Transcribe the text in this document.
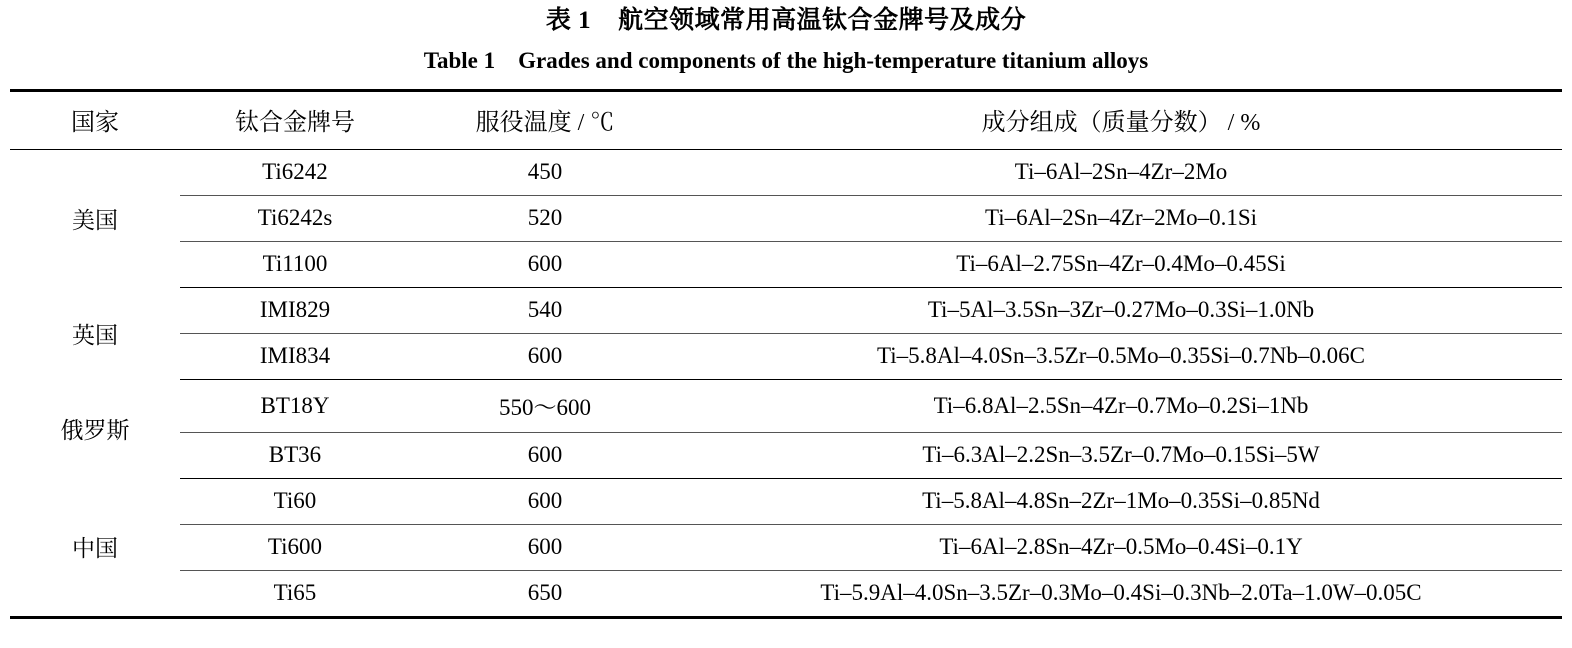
表 1    航空领域常用高温钛合金牌号及成分
Table 1    Grades and components of the high-temperature titanium alloys
国家	钛合金牌号	服役温度 / ℃	成分组成（质量分数） / %
美国	Ti6242	450	Ti–6Al–2Sn–4Zr–2Mo
	Ti6242s	520	Ti–6Al–2Sn–4Zr–2Mo–0.1Si
	Ti1100	600	Ti–6Al–2.75Sn–4Zr–0.4Mo–0.45Si
英国	IMI829	540	Ti–5Al–3.5Sn–3Zr–0.27Mo–0.3Si–1.0Nb
	IMI834	600	Ti–5.8Al–4.0Sn–3.5Zr–0.5Mo–0.35Si–0.7Nb–0.06C
俄罗斯	BT18Y	550～600	Ti–6.8Al–2.5Sn–4Zr–0.7Mo–0.2Si–1Nb
	BT36	600	Ti–6.3Al–2.2Sn–3.5Zr–0.7Mo–0.15Si–5W
中国	Ti60	600	Ti–5.8Al–4.8Sn–2Zr–1Mo–0.35Si–0.85Nd
	Ti600	600	Ti–6Al–2.8Sn–4Zr–0.5Mo–0.4Si–0.1Y
	Ti65	650	Ti–5.9Al–4.0Sn–3.5Zr–0.3Mo–0.4Si–0.3Nb–2.0Ta–1.0W–0.05C
